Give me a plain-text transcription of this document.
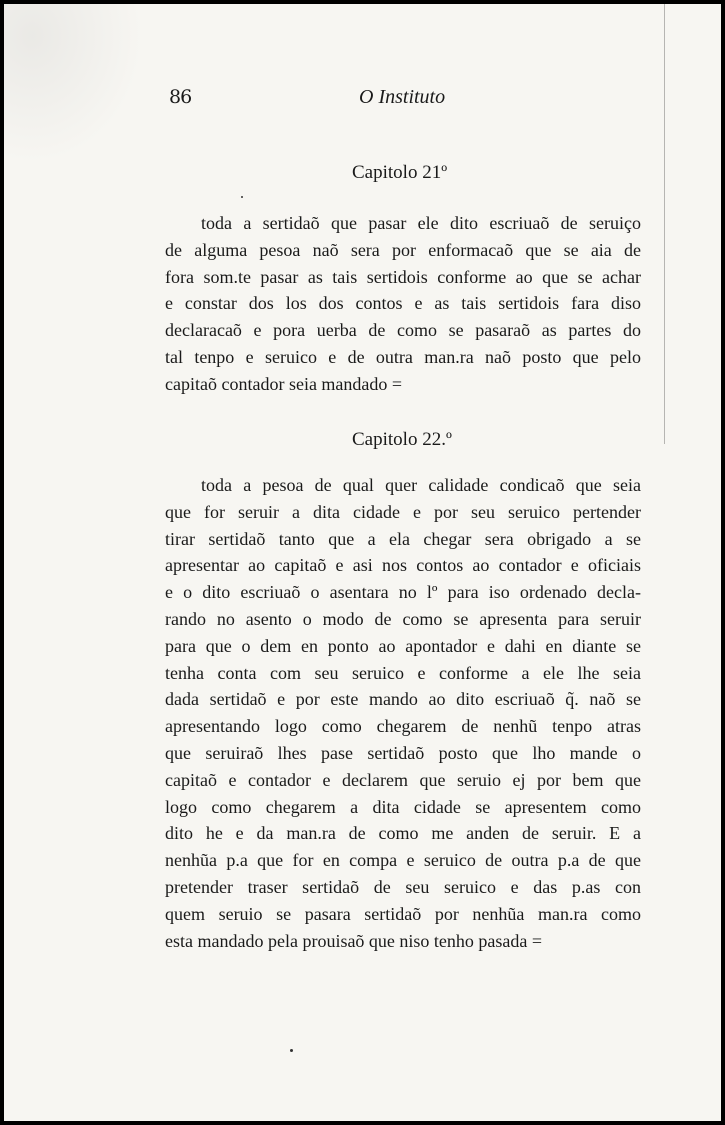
86	O Instituto
Capitolo 21º
toda a sertidaõ que pasar ele dito escriuaõ de seruiço
de alguma pesoa naõ sera por enformacaõ que se aia de
fora som.te pasar as tais sertidois conforme ao que se achar
e constar dos los dos contos e as tais sertidois fara diso
declaracaõ e pora uerba de como se pasaraõ as partes do
tal tenpo e seruico e de outra man.ra naõ posto que pelo
capitaõ contador seia mandado =
Capitolo 22.º
toda a pesoa de qual quer calidade condicaõ que seia
que for seruir a dita cidade e por seu seruico pertender
tirar sertidaõ tanto que a ela chegar sera obrigado a se
apresentar ao capitaõ e asi nos contos ao contador e oficiais
e o dito escriuaõ o asentara no lº para iso ordenado decla-
rando no asento o modo de como se apresenta para seruir
para que o dem en ponto ao apontador e dahi en diante se
tenha conta com seu seruico e conforme a ele lhe seia
dada sertidaõ e por este mando ao dito escriuaõ q̃. naõ se
apresentando logo como chegarem de nenhũ tenpo atras
que seruiraõ lhes pase sertidaõ posto que lho mande o
capitaõ e contador e declarem que seruio ej por bem que
logo como chegarem a dita cidade se apresentem como
dito he e da man.ra de como me anden de seruir. E a
nenhũa p.a que for en compa e seruico de outra p.a de que
pretender traser sertidaõ de seu seruico e das p.as con
quem seruio se pasara sertidaõ por nenhũa man.ra como
esta mandado pela prouisaõ que niso tenho pasada =
